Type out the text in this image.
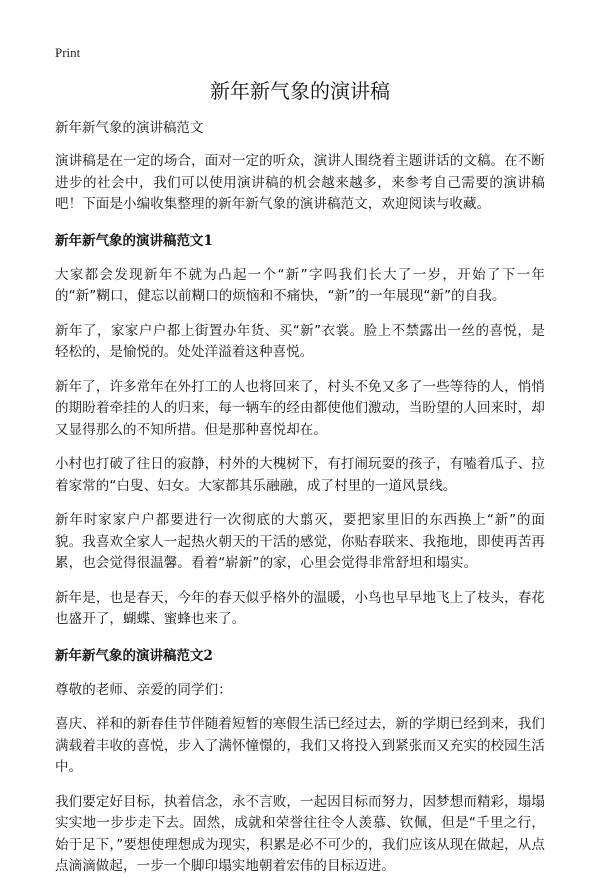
Print
新年新气象的演讲稿

新年新气象的演讲稿范文

演讲稿是在一定的场合，面对一定的听众，演讲人围绕着主题讲话的文稿。在不断进步的社会中，我们可以使用演讲稿的机会越来越多，来参考自己需要的演讲稿吧！下面是小编收集整理的新年新气象的演讲稿范文，欢迎阅读与收藏。

新年新气象的演讲稿范文1

大家都会发现新年不就为凸起一个“新”字吗我们长大了一岁，开始了下一年的“新”糊口，健忘以前糊口的烦恼和不痛快，“新”的一年展现“新”的自我。

新年了，家家户户都上街置办年货、买“新”衣裳。脸上不禁露出一丝的喜悦，是轻松的，是愉悦的。处处洋溢着这种喜悦。

新年了，许多常年在外打工的人也将回来了，村头不免又多了一些等待的人，悄悄的期盼着牵挂的人的归来，每一辆车的经由都使他们激动，当盼望的人回来时，却又显得那么的不知所措。但是那种喜悦却在。

小村也打破了往日的寂静，村外的大槐树下，有打闹玩耍的孩子，有嗑着瓜子、拉着家常的“白叟、妇女。大家都其乐融融，成了村里的一道风景线。

新年时家家户户都要进行一次彻底的大翦灭，要把家里旧的东西换上“新”的面貌。我喜欢全家人一起热火朝天的干活的感觉，你贴春联来、我拖地，即使再苦再累，也会觉得很温馨。看着“崭新”的家，心里会觉得非常舒坦和塌实。

新年是，也是春天，今年的春天似乎格外的温暖，小鸟也早早地飞上了枝头，春花也盛开了，蝴蝶、蜜蜂也来了。

新年新气象的演讲稿范文2

尊敬的老师、亲爱的同学们：

喜庆、祥和的新春佳节伴随着短暂的寒假生活已经过去，新的学期已经到来，我们满载着丰收的喜悦，步入了满怀憧憬的，我们又将投入到紧张而又充实的校园生活中。

我们要定好目标，执着信念，永不言败，一起因目标而努力，因梦想而精彩，塌塌实实地一步步走下去。固然，成就和荣誉往往令人羡慕、钦佩，但是“千里之行，始于足下，”要想使理想成为现实，积累是必不可少的，我们应该从现在做起，从点点滴滴做起，一步一个脚印塌实地朝着宏伟的目标迈进。
